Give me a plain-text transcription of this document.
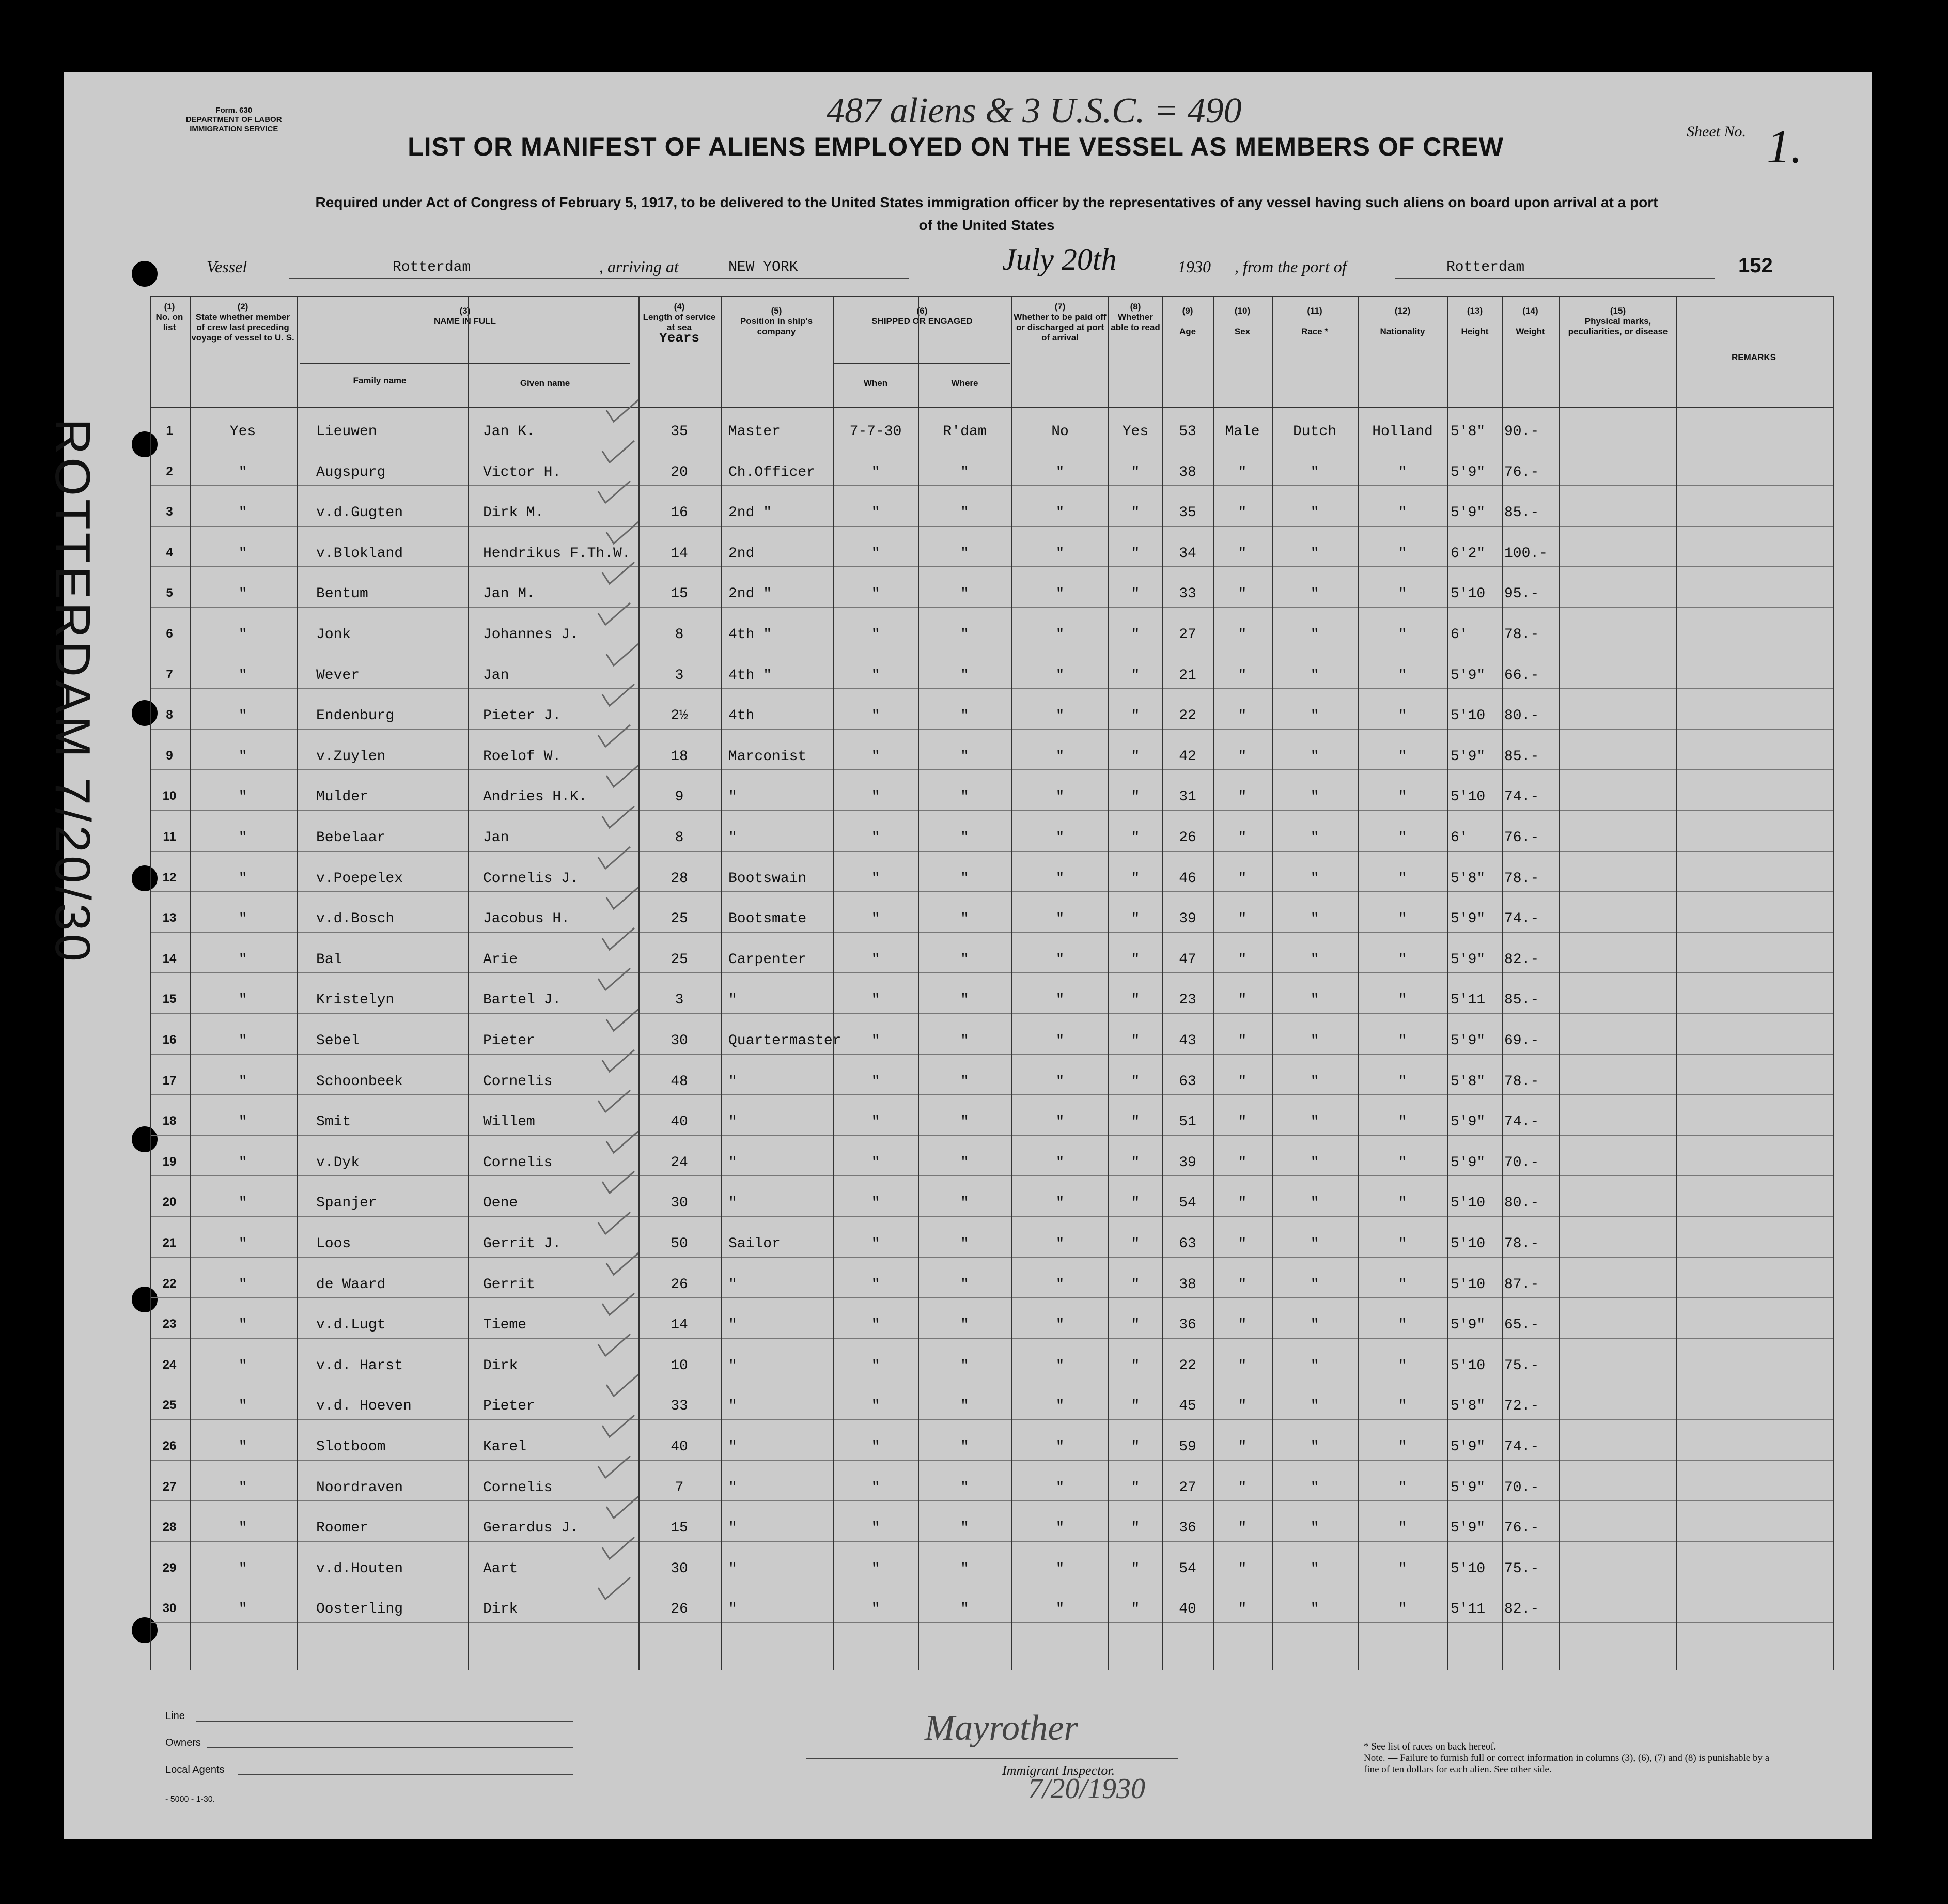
487 aliens & 3 U.S.C. = 490
Form. 630
DEPARTMENT OF LABOR
IMMIGRATION SERVICE
LIST OR MANIFEST OF ALIENS EMPLOYED ON THE VESSEL AS MEMBERS OF CREW
Sheet No. 1.
Required under Act of Congress of February 5, 1917, to be delivered to the United States immigration officer by the representatives of any vessel having such aliens on board upon arrival at a port
of the United States
Vessel	Rotterdam	, arriving at	NEW YORK	July 20th	1930 , from the port of	Rotterdam	152
ROTTERDAM 7/20/30
(1)
No. on list
(2)
State whether member of crew last preceding voyage of vessel to U. S.
(3)
NAME IN FULL
Family name	Given name
(4)
Length of service at sea
Years
(5)
Position in ship's company
(6)
SHIPPED OR ENGAGED
When	Where
(7)
Whether to be paid off or discharged at port of arrival
(8)
Whether able to read
(9)
Age
(10)
Sex
(11)
Race *
(12)
Nationality
(13)
Height
(14)
Weight
(15)
Physical marks, peculiarities, or disease
REMARKS
1	Yes	Lieuwen	Jan K.	35	Master	7-7-30	R'dam	No	Yes	53	Male	Dutch	Holland	5'8"	90.-
2	"	Augspurg	Victor H.	20	Ch.Officer	"	"	"	"	38	"	"	"	5'9"	76.-
3	"	v.d.Gugten	Dirk M.	16	2nd "	"	"	"	"	35	"	"	"	5'9"	85.-
4	"	v.Blokland	Hendrikus F.Th.W.	14	2nd	"	"	"	"	34	"	"	"	6'2"	100.-
5	"	Bentum	Jan M.	15	2nd "	"	"	"	"	33	"	"	"	5'10	95.-
6	"	Jonk	Johannes J.	8	4th "	"	"	"	"	27	"	"	"	6'	78.-
7	"	Wever	Jan	3	4th "	"	"	"	"	21	"	"	"	5'9"	66.-
8	"	Endenburg	Pieter J.	2½	4th	"	"	"	"	22	"	"	"	5'10	80.-
9	"	v.Zuylen	Roelof W.	18	Marconist	"	"	"	"	42	"	"	"	5'9"	85.-
10	"	Mulder	Andries H.K.	9	"	"	"	"	"	31	"	"	"	5'10	74.-
11	"	Bebelaar	Jan	8	"	"	"	"	"	26	"	"	"	6'	76.-
12	"	v.Poepelex	Cornelis J.	28	Bootswain	"	"	"	"	46	"	"	"	5'8"	78.-
13	"	v.d.Bosch	Jacobus H.	25	Bootsmate	"	"	"	"	39	"	"	"	5'9"	74.-
14	"	Bal	Arie	25	Carpenter	"	"	"	"	47	"	"	"	5'9"	82.-
15	"	Kristelyn	Bartel J.	3	"	"	"	"	"	23	"	"	"	5'11	85.-
16	"	Sebel	Pieter	30	Quartermaster	"	"	"	"	43	"	"	"	5'9"	69.-
17	"	Schoonbeek	Cornelis	48	"	"	"	"	"	63	"	"	"	5'8"	78.-
18	"	Smit	Willem	40	"	"	"	"	"	51	"	"	"	5'9"	74.-
19	"	v.Dyk	Cornelis	24	"	"	"	"	"	39	"	"	"	5'9"	70.-
20	"	Spanjer	Oene	30	"	"	"	"	"	54	"	"	"	5'10	80.-
21	"	Loos	Gerrit J.	50	Sailor	"	"	"	"	63	"	"	"	5'10	78.-
22	"	de Waard	Gerrit	26	"	"	"	"	"	38	"	"	"	5'10	87.-
23	"	v.d.Lugt	Tieme	14	"	"	"	"	"	36	"	"	"	5'9"	65.-
24	"	v.d. Harst	Dirk	10	"	"	"	"	"	22	"	"	"	5'10	75.-
25	"	v.d. Hoeven	Pieter	33	"	"	"	"	"	45	"	"	"	5'8"	72.-
26	"	Slotboom	Karel	40	"	"	"	"	"	59	"	"	"	5'9"	74.-
27	"	Noordraven	Cornelis	7	"	"	"	"	"	27	"	"	"	5'9"	70.-
28	"	Roomer	Gerardus J.	15	"	"	"	"	"	36	"	"	"	5'9"	76.-
29	"	v.d.Houten	Aart	30	"	"	"	"	"	54	"	"	"	5'10	75.-
30	"	Oosterling	Dirk	26	"	"	"	"	"	40	"	"	"	5'11	82.-
Line
Owners
Local Agents
- 5000 - 1-30.
Mayrother
Immigrant Inspector.
7/20/1930
* See list of races on back hereof.
Note. — Failure to furnish full or correct information in columns (3), (6), (7) and (8) is punishable by a fine of ten dollars for each alien. See other side.
